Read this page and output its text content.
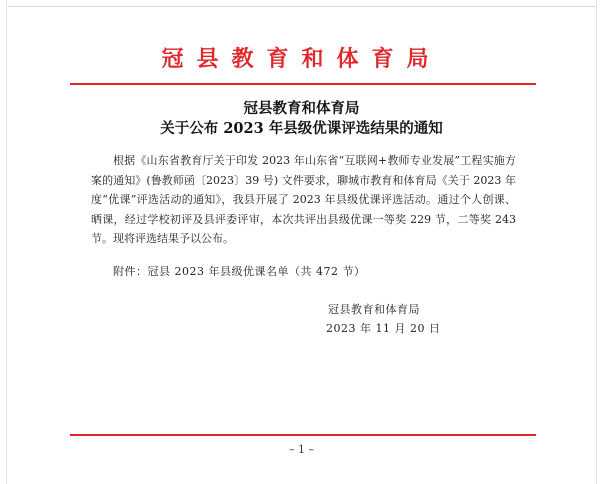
冠县教育和体育局
冠县教育和体育局
关于公布 2023 年县级优课评选结果的通知
根据《山东省教育厅关于印发 2023 年山东省“互联网+教师专业发展”工程实施方案的通知》(鲁教师函〔2023〕39 号) 文件要求，聊城市教育和体育局《关于 2023 年度“优课”评选活动的通知》，我县开展了 2023 年县级优课评选活动。通过个人创课、晒课，经过学校初评及县评委评审，本次共评出县级优课一等奖 229 节，二等奖 243 节。现将评选结果予以公布。
附件：冠县 2023 年县级优课名单（共 472 节）
冠县教育和体育局
2023 年 11 月 20 日
– 1 –
